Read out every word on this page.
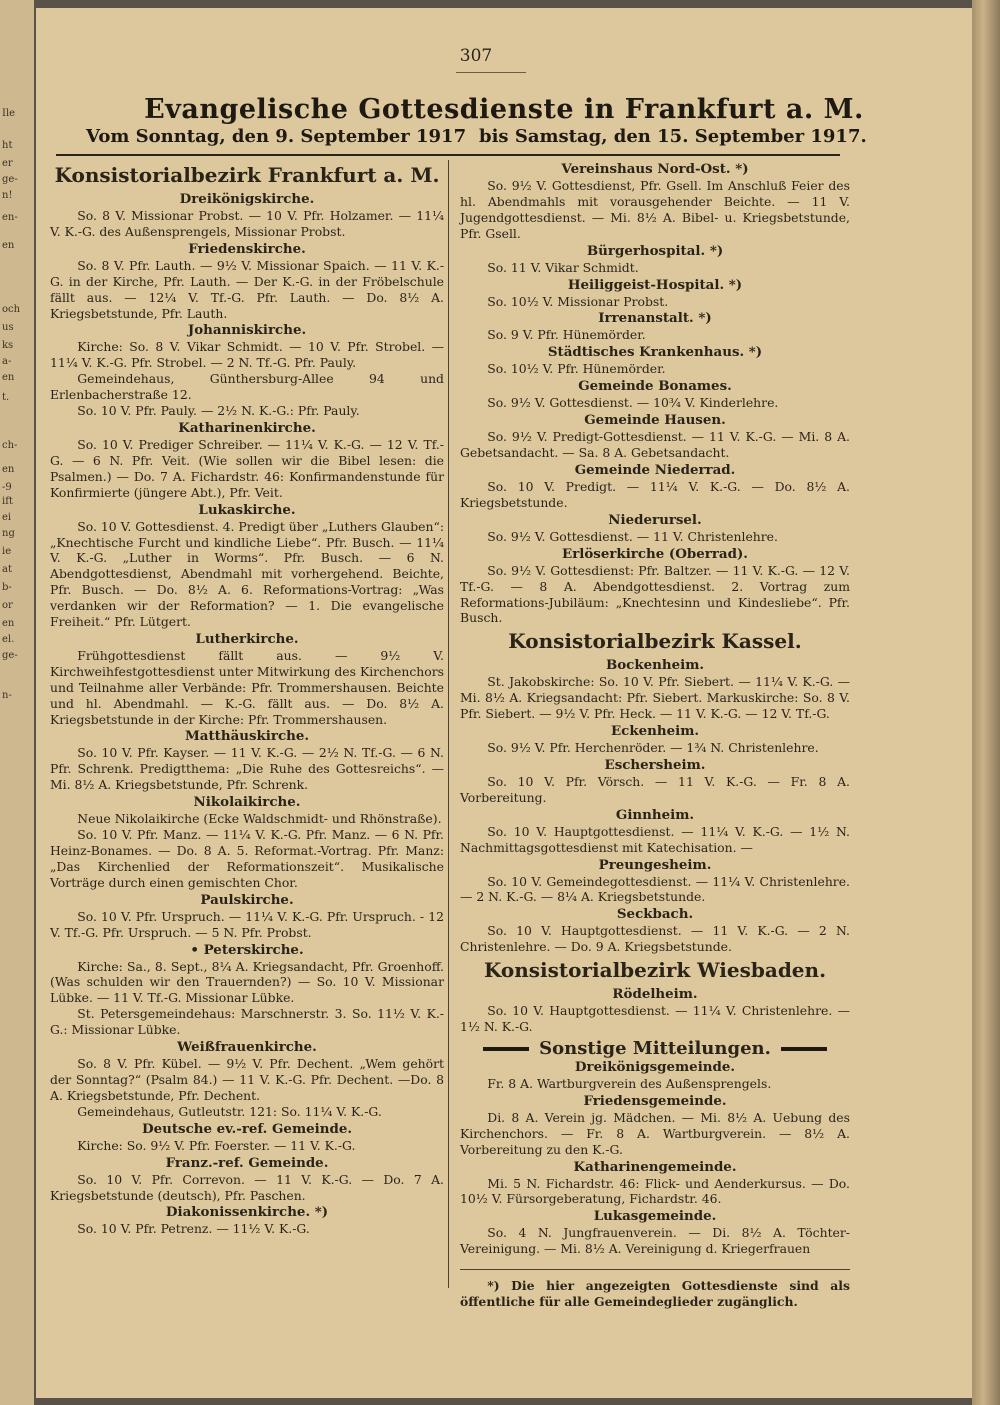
Ile
ht
er
ge-
n!
en-
en
och
us
ks
a-
en
t.
ch-
en
-9
ift
ei
ng
ie
at
b-
or
en
el.
ge-
n-
307
Evangelische Gottesdienste in Frankfurt a. M.
Vom Sonntag, den 9. September 1917 bis Samstag, den 15. September 1917.
Konsistorialbezirk Frankfurt a. M.
Dreikönigskirche.

So. 8 V. Missionar Probst. — 10 V. Pfr. Holzamer. — 11¼ V. K.-G. des Außensprengels, Missionar Probst.

Friedenskirche.

So. 8 V. Pfr. Lauth. — 9½ V. Missionar Spaich. — 11 V. K.-G. in der Kirche, Pfr. Lauth. — Der K.-G. in der Fröbelschule fällt aus. — 12¼ V. Tf.-G. Pfr. Lauth. — Do. 8½ A. Kriegsbetstunde, Pfr. Lauth.

Johanniskirche.

Kirche: So. 8 V. Vikar Schmidt. — 10 V. Pfr. Strobel. — 11¼ V. K.-G. Pfr. Strobel. — 2 N. Tf.-G. Pfr. Pauly.

Gemeindehaus, Günthersburg-Allee 94 und Erlenbacherstraße 12.

So. 10 V. Pfr. Pauly. — 2½ N. K.-G.: Pfr. Pauly.

Katharinenkirche.

So. 10 V. Prediger Schreiber. — 11¼ V. K.-G. — 12 V. Tf.-G. — 6 N. Pfr. Veit. (Wie sollen wir die Bibel lesen: die Psalmen.) — Do. 7 A. Fichardstr. 46: Konfirmandenstunde für Konfirmierte (jüngere Abt.), Pfr. Veit.

Lukaskirche.

So. 10 V. Gottesdienst. 4. Predigt über „Luthers Glauben“: „Knechtische Furcht und kindliche Liebe“. Pfr. Busch. — 11¼ V. K.-G. „Luther in Worms“. Pfr. Busch. — 6 N. Abendgottesdienst, Abendmahl mit vorhergehend. Beichte, Pfr. Busch. — Do. 8½ A. 6. Reformations-Vortrag: „Was verdanken wir der Reformation? — 1. Die evangelische Freiheit.“ Pfr. Lütgert.

Lutherkirche.

Frühgottesdienst fällt aus. — 9½ V. Kirchweihfestgottesdienst unter Mitwirkung des Kirchenchors und Teilnahme aller Verbände: Pfr. Trommershausen. Beichte und hl. Abendmahl. — K.-G. fällt aus. — Do. 8½ A. Kriegsbetstunde in der Kirche: Pfr. Trommershausen.

Matthäuskirche.

So. 10 V. Pfr. Kayser. — 11 V. K.-G. — 2½ N. Tf.-G. — 6 N. Pfr. Schrenk. Predigtthema: „Die Ruhe des Gottesreichs“. — Mi. 8½ A. Kriegsbetstunde, Pfr. Schrenk.

Nikolaikirche.

Neue Nikolaikirche (Ecke Waldschmidt- und Rhönstraße).

So. 10 V. Pfr. Manz. — 11¼ V. K.-G. Pfr. Manz. — 6 N. Pfr. Heinz-Bonames. — Do. 8 A. 5. Reformat.-Vortrag. Pfr. Manz: „Das Kirchenlied der Reformationszeit“. Musikalische Vorträge durch einen gemischten Chor.

Paulskirche.

So. 10 V. Pfr. Urspruch. — 11¼ V. K.-G. Pfr. Urspruch. - 12 V. Tf.-G. Pfr. Urspruch. — 5 N. Pfr. Probst.

• Peterskirche.

Kirche: Sa., 8. Sept., 8¼ A. Kriegsandacht, Pfr. Groenhoff. (Was schulden wir den Trauernden?) — So. 10 V. Missionar Lübke. — 11 V. Tf.-G. Missionar Lübke.

St. Petersgemeindehaus: Marschnerstr. 3. So. 11½ V. K.-G.: Missionar Lübke.

Weißfrauenkirche.

So. 8 V. Pfr. Kübel. — 9½ V. Pfr. Dechent. „Wem gehört der Sonntag?“ (Psalm 84.) — 11 V. K.-G. Pfr. Dechent. —Do. 8 A. Kriegsbetstunde, Pfr. Dechent.

Gemeindehaus, Gutleutstr. 121: So. 11¼ V. K.-G.

Deutsche ev.-ref. Gemeinde.

Kirche: So. 9½ V. Pfr. Foerster. — 11 V. K.-G.

Franz.-ref. Gemeinde.

So. 10 V. Pfr. Correvon. — 11 V. K.-G. — Do. 7 A. Kriegsbetstunde (deutsch), Pfr. Paschen.

Diakonissenkirche. *)

So. 10 V. Pfr. Petrenz. — 11½ V. K.-G.

Vereinshaus Nord-Ost. *)

So. 9½ V. Gottesdienst, Pfr. Gsell. Im Anschluß Feier des hl. Abendmahls mit vorausgehender Beichte. — 11 V. Jugendgottesdienst. — Mi. 8½ A. Bibel- u. Kriegsbetstunde, Pfr. Gsell.

Bürgerhospital. *)

So. 11 V. Vikar Schmidt.

Heiliggeist-Hospital. *)

So. 10½ V. Missionar Probst.

Irrenanstalt. *)

So. 9 V. Pfr. Hünemörder.

Städtisches Krankenhaus. *)

So. 10½ V. Pfr. Hünemörder.

Gemeinde Bonames.

So. 9½ V. Gottesdienst. — 10¾ V. Kinderlehre.

Gemeinde Hausen.

So. 9½ V. Predigt-Gottesdienst. — 11 V. K.-G. — Mi. 8 A. Gebetsandacht. — Sa. 8 A. Gebetsandacht.

Gemeinde Niederrad.

So. 10 V. Predigt. — 11¼ V. K.-G. — Do. 8½ A. Kriegsbetstunde.

Niederursel.

So. 9½ V. Gottesdienst. — 11 V. Christenlehre.

Erlöserkirche (Oberrad).

So. 9½ V. Gottesdienst: Pfr. Baltzer. — 11 V. K.-G. — 12 V. Tf.-G. — 8 A. Abendgottesdienst. 2. Vortrag zum Reformations-Jubiläum: „Knechtesinn und Kindesliebe“. Pfr. Busch.

Konsistorialbezirk Kassel.
Bockenheim.

St. Jakobskirche: So. 10 V. Pfr. Siebert. — 11¼ V. K.-G. — Mi. 8½ A. Kriegsandacht: Pfr. Siebert. Markuskirche: So. 8 V. Pfr. Siebert. — 9½ V. Pfr. Heck. — 11 V. K.-G. — 12 V. Tf.-G.

Eckenheim.

So. 9½ V. Pfr. Herchenröder. — 1¾ N. Christenlehre.

Eschersheim.

So. 10 V. Pfr. Vörsch. — 11 V. K.-G. — Fr. 8 A. Vorbereitung.

Ginnheim.

So. 10 V. Hauptgottesdienst. — 11¼ V. K.-G. — 1½ N. Nachmittagsgottesdienst mit Katechisation. —

Preungesheim.

So. 10 V. Gemeindegottesdienst. — 11¼ V. Christenlehre. — 2 N. K.-G. — 8¼ A. Kriegsbetstunde.

Seckbach.

So. 10 V. Hauptgottesdienst. — 11 V. K.-G. — 2 N. Christenlehre. — Do. 9 A. Kriegsbetstunde.

Konsistorialbezirk Wiesbaden.
Rödelheim.

So. 10 V. Hauptgottesdienst. — 11¼ V. Christenlehre. — 1½ N. K.-G.

Sonstige Mitteilungen.
Dreikönigsgemeinde.

Fr. 8 A. Wartburgverein des Außensprengels.

Friedensgemeinde.

Di. 8 A. Verein jg. Mädchen. — Mi. 8½ A. Uebung des Kirchenchors. — Fr. 8 A. Wartburgverein. — 8½ A. Vorbereitung zu den K.-G.

Katharinengemeinde.

Mi. 5 N. Fichardstr. 46: Flick- und Aenderkursus. — Do. 10½ V. Fürsorgeberatung, Fichardstr. 46.

Lukasgemeinde.

So. 4 N. Jungfrauenverein. — Di. 8½ A. Töchter-Vereinigung. — Mi. 8½ A. Vereinigung d. Kriegerfrauen

*) Die hier angezeigten Gottesdienste sind als öffentliche für alle Gemeindeglieder zugänglich.
